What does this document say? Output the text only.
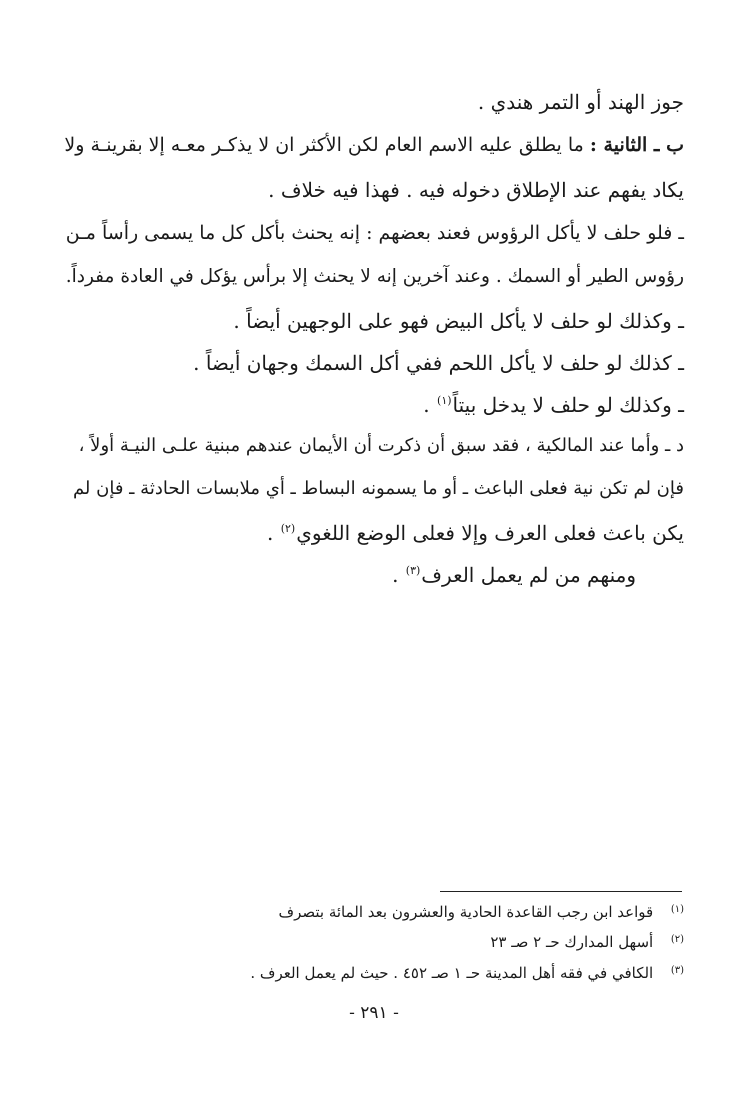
جوز الهند أو التمر هندي .
ب ـ الثانية : ما يطلق عليه الاسم العام لكن الأكثر ان لا يذكـر معـه إلا بقرينـة ولا
يكاد يفهم عند الإطلاق دخوله فيه . فهذا فيه خلاف .
ـ فلو حلف لا يأكل الرؤوس فعند بعضهم : إنه يحنث بأكل كل ما يسمى رأساً مـن
رؤوس الطير أو السمك . وعند آخرين إنه لا يحنث إلا برأس يؤكل في العادة مفرداً.
ـ وكذلك لو حلف لا يأكل البيض فهو على الوجهين أيضاً .
ـ كذلك لو حلف لا يأكل اللحم ففي أكل السمك وجهان أيضاً .
ـ وكذلك لو حلف لا يدخل بيتاً$^{(١)}$ .
د ـ وأما عند المالكية ، فقد سبق أن ذكرت أن الأيمان عندهم مبنية علـى النيـة أولاً ،
فإن لم تكن نية فعلى الباعث ـ أو ما يسمونه البساط ـ أي ملابسات الحادثة ـ فإن لم
يكن باعث فعلى العرف وإلا فعلى الوضع اللغوي$^{(٢)}$ .
ومنهم من لم يعمل العرف$^{(٣)}$ .
(١) قواعد ابن رجب القاعدة الحادية والعشرون بعد المائة بتصرف
(٢) أسهل المدارك حـ ٢ صـ ٢٣
(٣) الكافي في فقه أهل المدينة حـ ١ صـ ٤٥٢ . حيث لم يعمل العرف .
- ٢٩١ -
